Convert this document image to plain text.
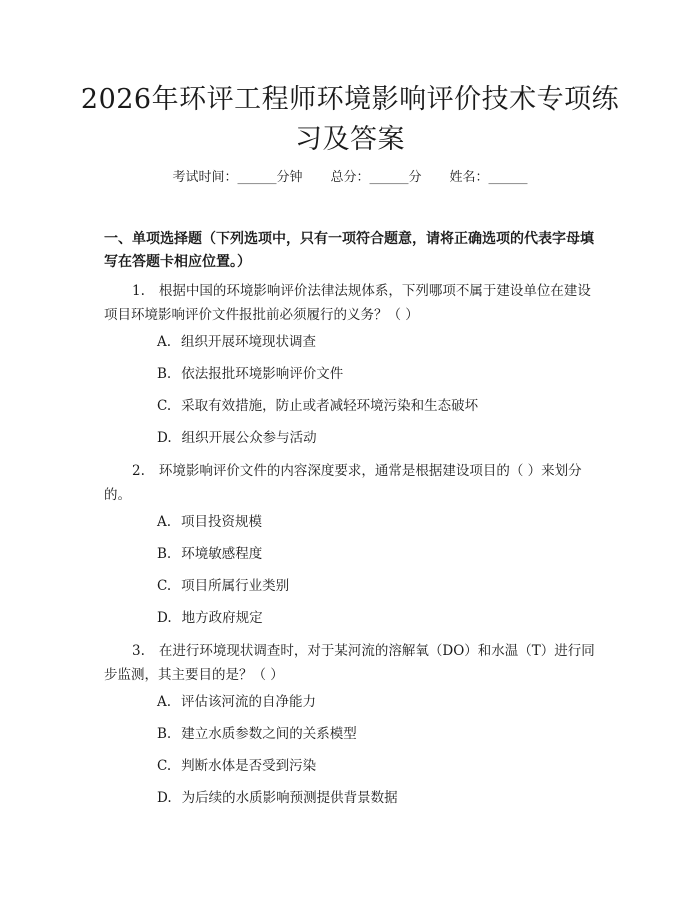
2026年环评工程师环境影响评价技术专项练习及答案
考试时间：______分钟 总分：______分 姓名：______
一、单项选择题（下列选项中，只有一项符合题意，请将正确选项的代表字母填写在答题卡相应位置。）
1. 根据中国的环境影响评价法律法规体系，下列哪项不属于建设单位在建设项目环境影响评价文件报批前必须履行的义务？（ ）
A. 组织开展环境现状调查
B. 依法报批环境影响评价文件
C. 采取有效措施，防止或者减轻环境污染和生态破坏
D. 组织开展公众参与活动
2. 环境影响评价文件的内容深度要求，通常是根据建设项目的（ ）来划分的。
A. 项目投资规模
B. 环境敏感程度
C. 项目所属行业类别
D. 地方政府规定
3. 在进行环境现状调查时，对于某河流的溶解氧（DO）和水温（T）进行同步监测，其主要目的是？（ ）
A. 评估该河流的自净能力
B. 建立水质参数之间的关系模型
C. 判断水体是否受到污染
D. 为后续的水质影响预测提供背景数据
